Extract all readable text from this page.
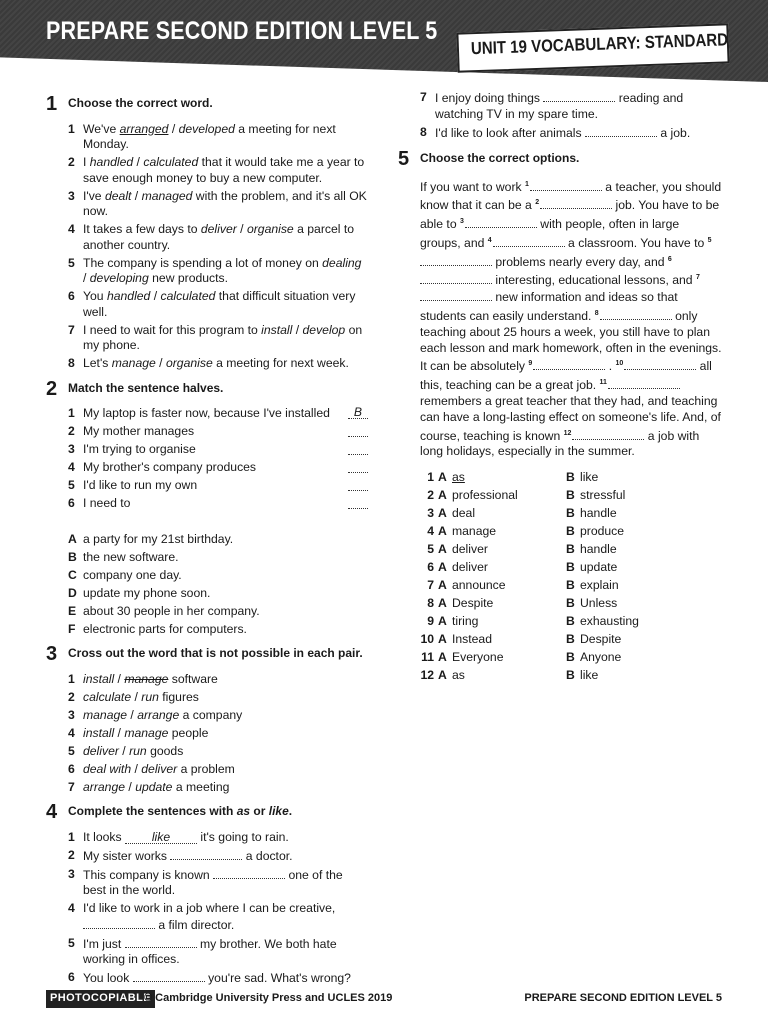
PREPARE SECOND EDITION LEVEL 5 UNIT 19 VOCABULARY: STANDARD
1 Choose the correct word.
1 We've arranged / developed a meeting for next Monday.
2 I handled / calculated that it would take me a year to save enough money to buy a new computer.
3 I've dealt / managed with the problem, and it's all OK now.
4 It takes a few days to deliver / organise a parcel to another country.
5 The company is spending a lot of money on dealing / developing new products.
6 You handled / calculated that difficult situation very well.
7 I need to wait for this program to install / develop on my phone.
8 Let's manage / organise a meeting for next week.
2 Match the sentence halves.
1 My laptop is faster now, because I've installed	B
2 My mother manages
3 I'm trying to organise
4 My brother's company produces
5 I'd like to run my own
6 I need to
A a party for my 21st birthday.
B the new software.
C company one day.
D update my phone soon.
E about 30 people in her company.
F electronic parts for computers.
3 Cross out the word that is not possible in each pair.
1 install / manage software
2 calculate / run figures
3 manage / arrange a company
4 install / manage people
5 deliver / run goods
6 deal with / deliver a problem
7 arrange / update a meeting
4 Complete the sentences with as or like.
1 It looks like it's going to rain.
2 My sister works	a doctor.
3 This company is known	one of the best in the world.
4 I'd like to work in a job where I can be creative,  a film director.
5 I'm just	my brother. We both hate working in offices.
6 You look	you're sad. What's wrong?
7 I enjoy doing things	reading and watching TV in my spare time.
8 I'd like to look after animals	a job.
5 Choose the correct options.
If you want to work $^1$	a teacher, you should know that it can be a $^2$	job. You have to be able to $^3$	with people, often in large groups, and $^4$	a classroom. You have to $^5$ problems nearly every day, and $^6$ interesting, educational lessons, and $^7$ new information and ideas so that students can easily understand. $^8$	only teaching about 25 hours a week, you still have to plan each lesson and mark homework, often in the evenings. It can be absolutely $^9$	. $^{10}$	all this, teaching can be a great job. $^{11}$ remembers a great teacher that they had, and teaching can have a long-lasting effect on someone's life. And, of course, teaching is known $^{12}$	a job with long holidays, especially in the summer.
1	A	as	B	like
2	A	professional	B	stressful
3	A	deal	B	handle
4	A	manage	B	produce
5	A	deliver	B	handle
6	A	deliver	B	update
7	A	announce	B	explain
8	A	Despite	B	Unless
9	A	tiring	B	exhausting
10	A	Instead	B	Despite
11	A	Everyone	B	Anyone
12	A	as	B	like
PHOTOCOPIABLE
© Cambridge University Press and UCLES 2019	PREPARE SECOND EDITION LEVEL 5
